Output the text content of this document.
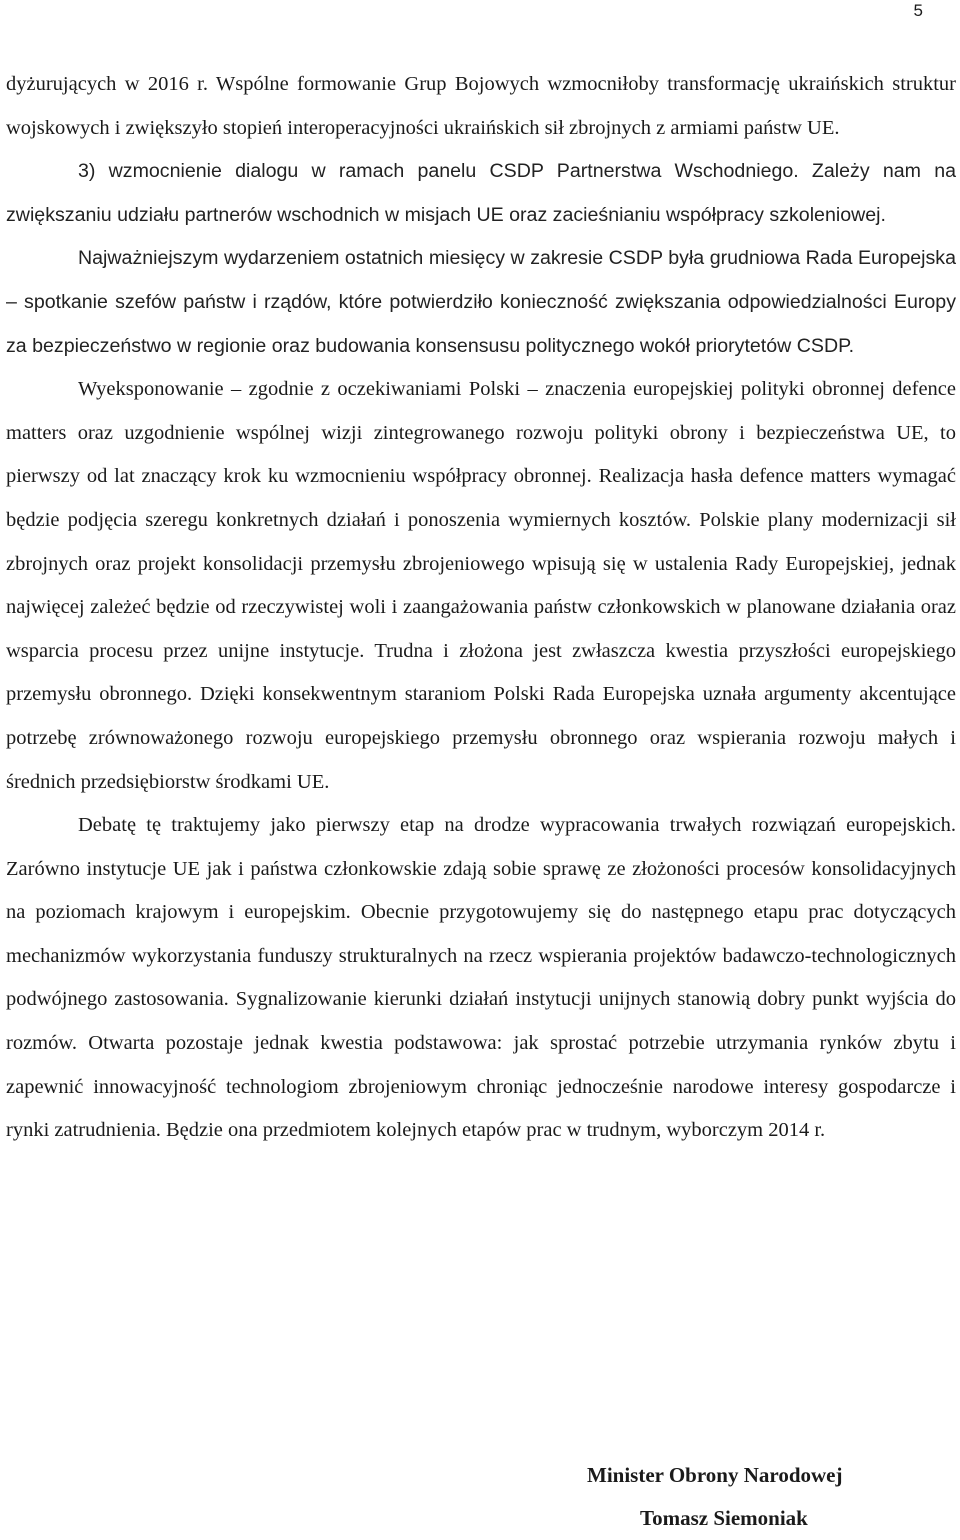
5

dyżurujących w 2016 r. Wspólne formowanie Grup Bojowych wzmocniłoby transformację ukraińskich struktur wojskowych i zwiększyło stopień interoperacyjności ukraińskich sił zbrojnych z armiami państw UE.

3) wzmocnienie dialogu w ramach panelu CSDP Partnerstwa Wschodniego. Zależy nam na zwiększaniu udziału partnerów wschodnich w misjach UE oraz zacieśnianiu współpracy szkoleniowej.

Najważniejszym wydarzeniem ostatnich miesięcy w zakresie CSDP była grudniowa Rada Europejska – spotkanie szefów państw i rządów, które potwierdziło konieczność zwiększania odpowiedzialności Europy za bezpieczeństwo w regionie oraz budowania konsensusu politycznego wokół priorytetów CSDP.

Wyeksponowanie – zgodnie z oczekiwaniami Polski – znaczenia europejskiej polityki obronnej defence matters oraz uzgodnienie wspólnej wizji zintegrowanego rozwoju polityki obrony i bezpieczeństwa UE, to pierwszy od lat znaczący krok ku wzmocnieniu współpracy obronnej. Realizacja hasła defence matters wymagać będzie podjęcia szeregu konkretnych działań i ponoszenia wymiernych kosztów. Polskie plany modernizacji sił zbrojnych oraz projekt konsolidacji przemysłu zbrojeniowego wpisują się w ustalenia Rady Europejskiej, jednak najwięcej zależeć będzie od rzeczywistej woli i zaangażowania państw członkowskich w planowane działania oraz wsparcia procesu przez unijne instytucje. Trudna i złożona jest zwłaszcza kwestia przyszłości europejskiego przemysłu obronnego. Dzięki konsekwentnym staraniom Polski Rada Europejska uznała argumenty akcentujące potrzebę zrównoważonego rozwoju europejskiego przemysłu obronnego oraz wspierania rozwoju małych i średnich przedsiębiorstw środkami UE.

Debatę tę traktujemy jako pierwszy etap na drodze wypracowania trwałych rozwiązań europejskich. Zarówno instytucje UE jak i państwa członkowskie zdają sobie sprawę ze złożoności procesów konsolidacyjnych na poziomach krajowym i europejskim. Obecnie przygotowujemy się do następnego etapu prac dotyczących mechanizmów wykorzystania funduszy strukturalnych na rzecz wspierania projektów badawczo-technologicznych podwójnego zastosowania. Sygnalizowanie kierunki działań instytucji unijnych stanowią dobry punkt wyjścia do rozmów. Otwarta pozostaje jednak kwestia podstawowa: jak sprostać potrzebie utrzymania rynków zbytu i zapewnić innowacyjność technologiom zbrojeniowym chroniąc jednocześnie narodowe interesy gospodarcze i rynki zatrudnienia. Będzie ona przedmiotem kolejnych etapów prac w trudnym, wyborczym 2014 r.

Minister Obrony Narodowej
Tomasz Siemoniak
